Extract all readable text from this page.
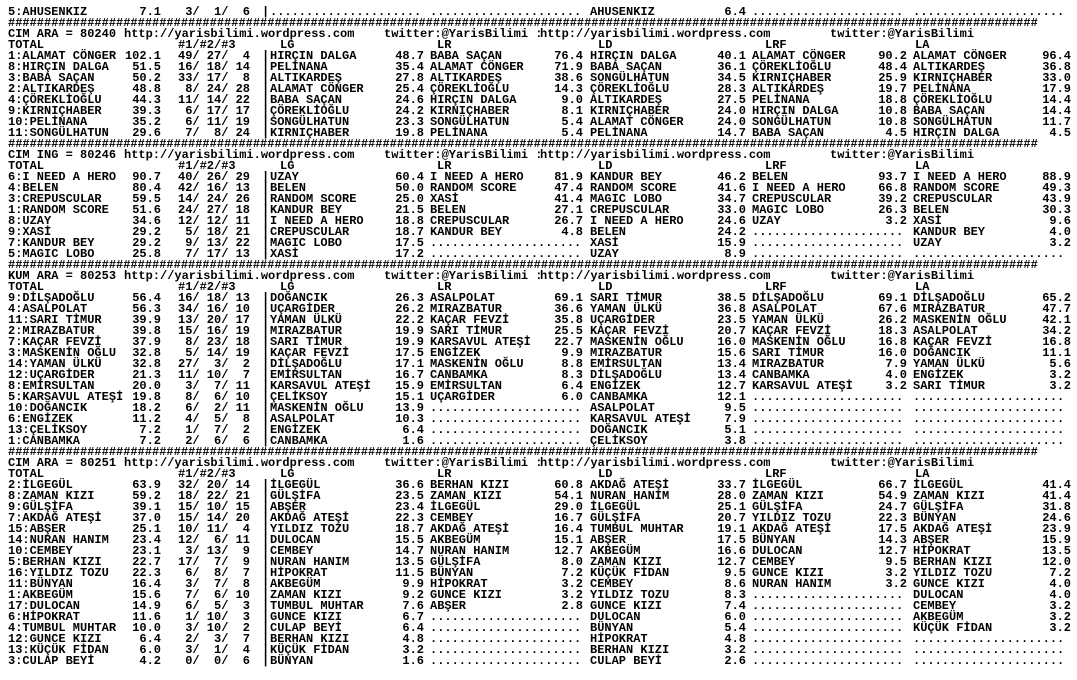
5:AHUSENKIZ	7.1 3/  1/  6 | ..................... ..................... AHUSENKIZ	6.4 ..................... .....................
###############################################################################################################################################
CIM ARA = 80240 http://yarisbilimi.wordpress.com twitter:@YarisBilimi :
http://yarisbilimi.wordpress.com	twitter:@YarisBilimi
TOTAL	#1/#2/#3	LG	LR	LD	LRF	LA
1:ALAMAT CÖNGER 102.1 49/ 27/  4 | HIRÇIN DALGA	48.7 BABA SAÇAN	76.4 HIRÇIN DALGA	40.1 ALAMAT CÖNGER	90.2 ALAMAT CÖNGER	96.4
8:HIRÇIN DALGA	51.5 16/ 18/ 14 | PELİNANA	35.4 ALAMAT CÖNGER	71.9 BABA SAÇAN	36.1 ÇÖREKLİOĞLU	48.4 ALTIKARDEŞ	36.8
3:BABA SAÇAN	50.2 33/ 17/  8 | ALTIKARDEŞ	27.8 ALTIKARDEŞ	38.6 SONGÜLHATUN	34.5 KIRNIÇHABER	25.9 KIRNIÇHABER	33.0
2:ALTIKARDEŞ	48.8 8/ 24/ 28 | ALAMAT CÖNGER	25.4 ÇÖREKLİOĞLU	14.3 ÇÖREKLİOĞLU	28.3 ALTIKARDEŞ	19.7 PELİNANA	17.9
4:ÇÖREKLİOĞLU	44.3 11/ 14/ 22 | BABA SAÇAN	24.6 HIRÇIN DALGA	9.0 ALTIKARDEŞ	27.5 PELİNANA	18.8 ÇÖREKLİOĞLU	14.4
9:KIRNIÇHABER	39.3 6/ 17/ 17 | ÇÖREKLİOĞLU	24.2 KIRNIÇHABER	8.1 KIRNIÇHABER	24.0 HIRÇIN DALGA	10.8 BABA SAÇAN	14.4
10:PELİNANA	35.2 6/ 11/ 19 | SONGÜLHATUN	23.3 SONGÜLHATUN	5.4 ALAMAT CÖNGER	24.0 SONGÜLHATUN	10.8 SONGÜLHATUN	11.7
11:SONGÜLHATUN	29.6 7/  8/ 24 | KIRNIÇHABER	19.8 PELİNANA	5.4 PELİNANA	14.7 BABA SAÇAN	4.5 HIRÇIN DALGA	4.5
###############################################################################################################################################
CIM ING = 80246 http://yarisbilimi.wordpress.com twitter:@YarisBilimi :
http://yarisbilimi.wordpress.com	twitter:@YarisBilimi
TOTAL	#1/#2/#3	LG	LR	LD	LRF	LA
6:I NEED A HERO	90.7 40/ 26/ 29 | UZAY	60.4 I NEED A HERO	81.9 KANDUR BEY	46.2 BELEN	93.7 I NEED A HERO	88.9
4:BELEN	80.4 42/ 16/ 13 | BELEN	50.0 RANDOM SCORE	47.4 RANDOM SCORE	41.6 I NEED A HERO	66.8 RANDOM SCORE	49.3
3:CREPUSCULAR	59.5 14/ 24/ 26 | RANDOM SCORE	25.0 XASİ	41.4 MAGIC LOBO	34.7 CREPUSCULAR	39.2 CREPUSCULAR	43.9
1:RANDOM SCORE	51.6 24/ 27/ 18 | KANDUR BEY	21.5 BELEN	27.1 CREPUSCULAR	33.0 MAGIC LOBO	26.3 BELEN	30.3
8:UZAY	34.6 12/ 12/ 11 | I NEED A HERO	18.8 CREPUSCULAR	26.7 I NEED A HERO	24.6 UZAY	3.2 XASİ	9.6
9:XASİ	29.2 5/ 18/ 21 | CREPUSCULAR	18.7 KANDUR BEY	4.8 BELEN	24.2 ..................... KANDUR BEY	4.0
7:KANDUR BEY	29.2 9/ 13/ 22 | MAGIC LOBO	17.5 ..................... XASİ	15.9 ..................... UZAY	3.2
5:MAGIC LOBO	25.8 7/ 17/ 13 | XASİ	17.2 ..................... UZAY	8.9 ..................... .....................
###############################################################################################################################################
KUM ARA = 80253 http://yarisbilimi.wordpress.com twitter:@YarisBilimi :
http://yarisbilimi.wordpress.com	twitter:@YarisBilimi
TOTAL	#1/#2/#3	LG	LR	LD	LRF	LA
9:DİLŞADOĞLU	56.4 16/ 18/ 13 | DOĞANCIK	26.3 ASALPOLAT	69.1 SARI TİMUR	38.5 DİLŞADOĞLU	69.1 DİLŞADOĞLU	65.2
4:ASALPOLAT	56.3 34/ 16/ 10 | UÇARGİDER	26.2 MIRAZBATUR	36.6 YAMAN ÜLKÜ	36.8 ASALPOLAT	67.6 MIRAZBATUR	47.7
11:SARI TİMUR	39.9 13/ 20/ 17 | YAMAN ÜLKÜ	22.2 KAÇAR FEVZİ	35.8 UÇARGİDER	23.5 YAMAN ÜLKÜ	26.2 MASKENİN OĞLU	42.1
2:MIRAZBATUR	39.8 15/ 16/ 19 | MIRAZBATUR	19.9 SARI TİMUR	25.5 KAÇAR FEVZİ	20.7 KAÇAR FEVZİ	18.3 ASALPOLAT	34.2
7:KAÇAR FEVZİ	37.9 8/ 23/ 18 | SARI TİMUR	19.9 KARSAVUL ATEŞİ	22.7 MASKENİN OĞLU	16.0 MASKENİN OĞLU	16.8 KAÇAR FEVZİ	16.8
3:MASKENİN OĞLU	32.8 5/ 14/ 19 | KAÇAR FEVZİ	17.5 ENGİZEK	9.9 MIRAZBATUR	15.6 SARI TİMUR	16.0 DOĞANCIK	11.1
14:YAMAN ÜLKÜ	32.8 27/  3/  2 | DİLŞADOĞLU	17.1 MASKENİN OĞLU	8.8 EMİRSULTAN	13.4 MIRAZBATUR	7.9 YAMAN ÜLKÜ	5.6
12:UÇARGİDER	21.3 11/ 10/  7 | EMİRSULTAN	16.7 CANBAMKA	8.3 DİLŞADOĞLU	13.4 CANBAMKA	4.0 ENGİZEK	3.2
8:EMİRSULTAN	20.0 3/  7/ 11 | KARSAVUL ATEŞİ	15.9 EMİRSULTAN	6.4 ENGİZEK	12.7 KARSAVUL ATEŞİ	3.2 SARI TİMUR	3.2
5:KARSAVUL ATEŞİ 19.8 8/  6/ 10 | ÇELİKSOY	15.1 UÇARGİDER	6.0 CANBAMKA	12.1 ..................... .....................
10:DOĞANCIK	18.2 6/  2/ 11 | MASKENİN OĞLU	13.9 ..................... ASALPOLAT	9.5 ..................... .....................
6:ENGİZEK	11.2 4/  5/  8 | ASALPOLAT	10.3 ..................... KARSAVUL ATEŞİ	7.9 ..................... .....................
13:ÇELİKSOY	7.2 1/  7/  2 | ENGİZEK	6.4 ..................... DOĞANCIK	5.1 ..................... .....................
1:CANBAMKA	7.2 2/  6/  6 | CANBAMKA	1.6 ..................... ÇELİKSOY	3.8 ..................... .....................
###############################################################################################################################################
CIM ARA = 80251 http://yarisbilimi.wordpress.com twitter:@YarisBilimi :
http://yarisbilimi.wordpress.com	twitter:@YarisBilimi
TOTAL	#1/#2/#3	LG	LR	LD	LRF	LA
2:İLGEGÜL	63.9 32/ 20/ 14 | İLGEGÜL	36.6 BERHAN KIZI	60.8 AKDAĞ ATEŞİ	33.7 İLGEGÜL	66.7 İLGEGÜL	41.4
8:ZAMAN KIZI	59.2 18/ 22/ 21 | GÜLŞİFA	23.5 ZAMAN KIZI	54.1 NURAN HANIM	28.0 ZAMAN KIZI	54.9 ZAMAN KIZI	41.4
9:GÜLŞİFA	39.1 15/ 10/ 15 | ABŞER	23.4 İLGEGÜL	29.0 İLGEGÜL	25.1 GÜLŞİFA	24.7 GÜLŞİFA	31.8
7:AKDAĞ ATEŞİ	37.0 15/ 14/ 20 | AKDAĞ ATEŞİ	22.3 CEMBEY	16.7 GÜLŞİFA	20.7 YILDIZ TOZU	22.3 BÜNYAN	24.6
15:ABŞER	25.1 10/ 11/  4 | YILDIZ TOZU	18.7 AKDAĞ ATEŞİ	16.4 TUMBUL MUHTAR	19.1 AKDAĞ ATEŞİ	17.5 AKDAĞ ATEŞİ	23.9
14:NURAN HANIM	23.4 12/  6/ 11 | DULOCAN	15.5 AKBEGÜM	15.1 ABŞER	17.5 BÜNYAN	14.3 ABŞER	15.9
10:CEMBEY	23.1 3/ 13/  9 | CEMBEY	14.7 NURAN HANIM	12.7 AKBEGÜM	16.6 DULOCAN	12.7 HİPOKRAT	13.5
5:BERHAN KIZI	22.7 17/  7/  9 | NURAN HANIM	13.5 GÜLŞİFA	8.0 ZAMAN KIZI	12.7 CEMBEY	9.5 BERHAN KIZI	12.0
16:YILDIZ TOZU	22.3 6/  8/  7 | HİPOKRAT	11.5 BÜNYAN	7.2 KÜÇÜK FİDAN	9.5 GUNCE KIZI	3.2 YILDIZ TOZU	7.2
11:BÜNYAN	16.4 3/  7/  8 | AKBEGÜM	9.9 HİPOKRAT	3.2 CEMBEY	8.6 NURAN HANIM	3.2 GUNCE KIZI	4.0
1:AKBEGÜM	15.6 7/  6/ 10 | ZAMAN KIZI	9.2 GUNCE KIZI	3.2 YILDIZ TOZU	8.3 ..................... DULOCAN	4.0
17:DULOCAN	14.9 6/  5/  3 | TUMBUL MUHTAR	7.6 ABŞER	2.8 GUNCE KIZI	7.4 ..................... CEMBEY	3.2
6:HİPOKRAT	11.6 1/ 10/  3 | GUNCE KIZI	6.7 ..................... DULOCAN	6.0 ..................... AKBEGÜM	3.2
4:TUMBUL MUHTAR	10.0 3/ 10/  2 | CULAP BEYİ	6.4 ..................... BÜNYAN	5.4 ..................... KÜÇÜK FİDAN	3.2
12:GUNCE KIZI	6.4 2/  3/  7 | BERHAN KIZI	4.8 ..................... HİPOKRAT	4.8 ..................... .....................
13:KÜÇÜK FİDAN	6.0 3/  1/  4 | KÜÇÜK FİDAN	3.2 ..................... BERHAN KIZI	3.2 ..................... .....................
3:CULAP BEYİ	4.2 0/  0/  6 | BÜNYAN	1.6 ..................... CULAP BEYİ	2.6 ..................... .....................
